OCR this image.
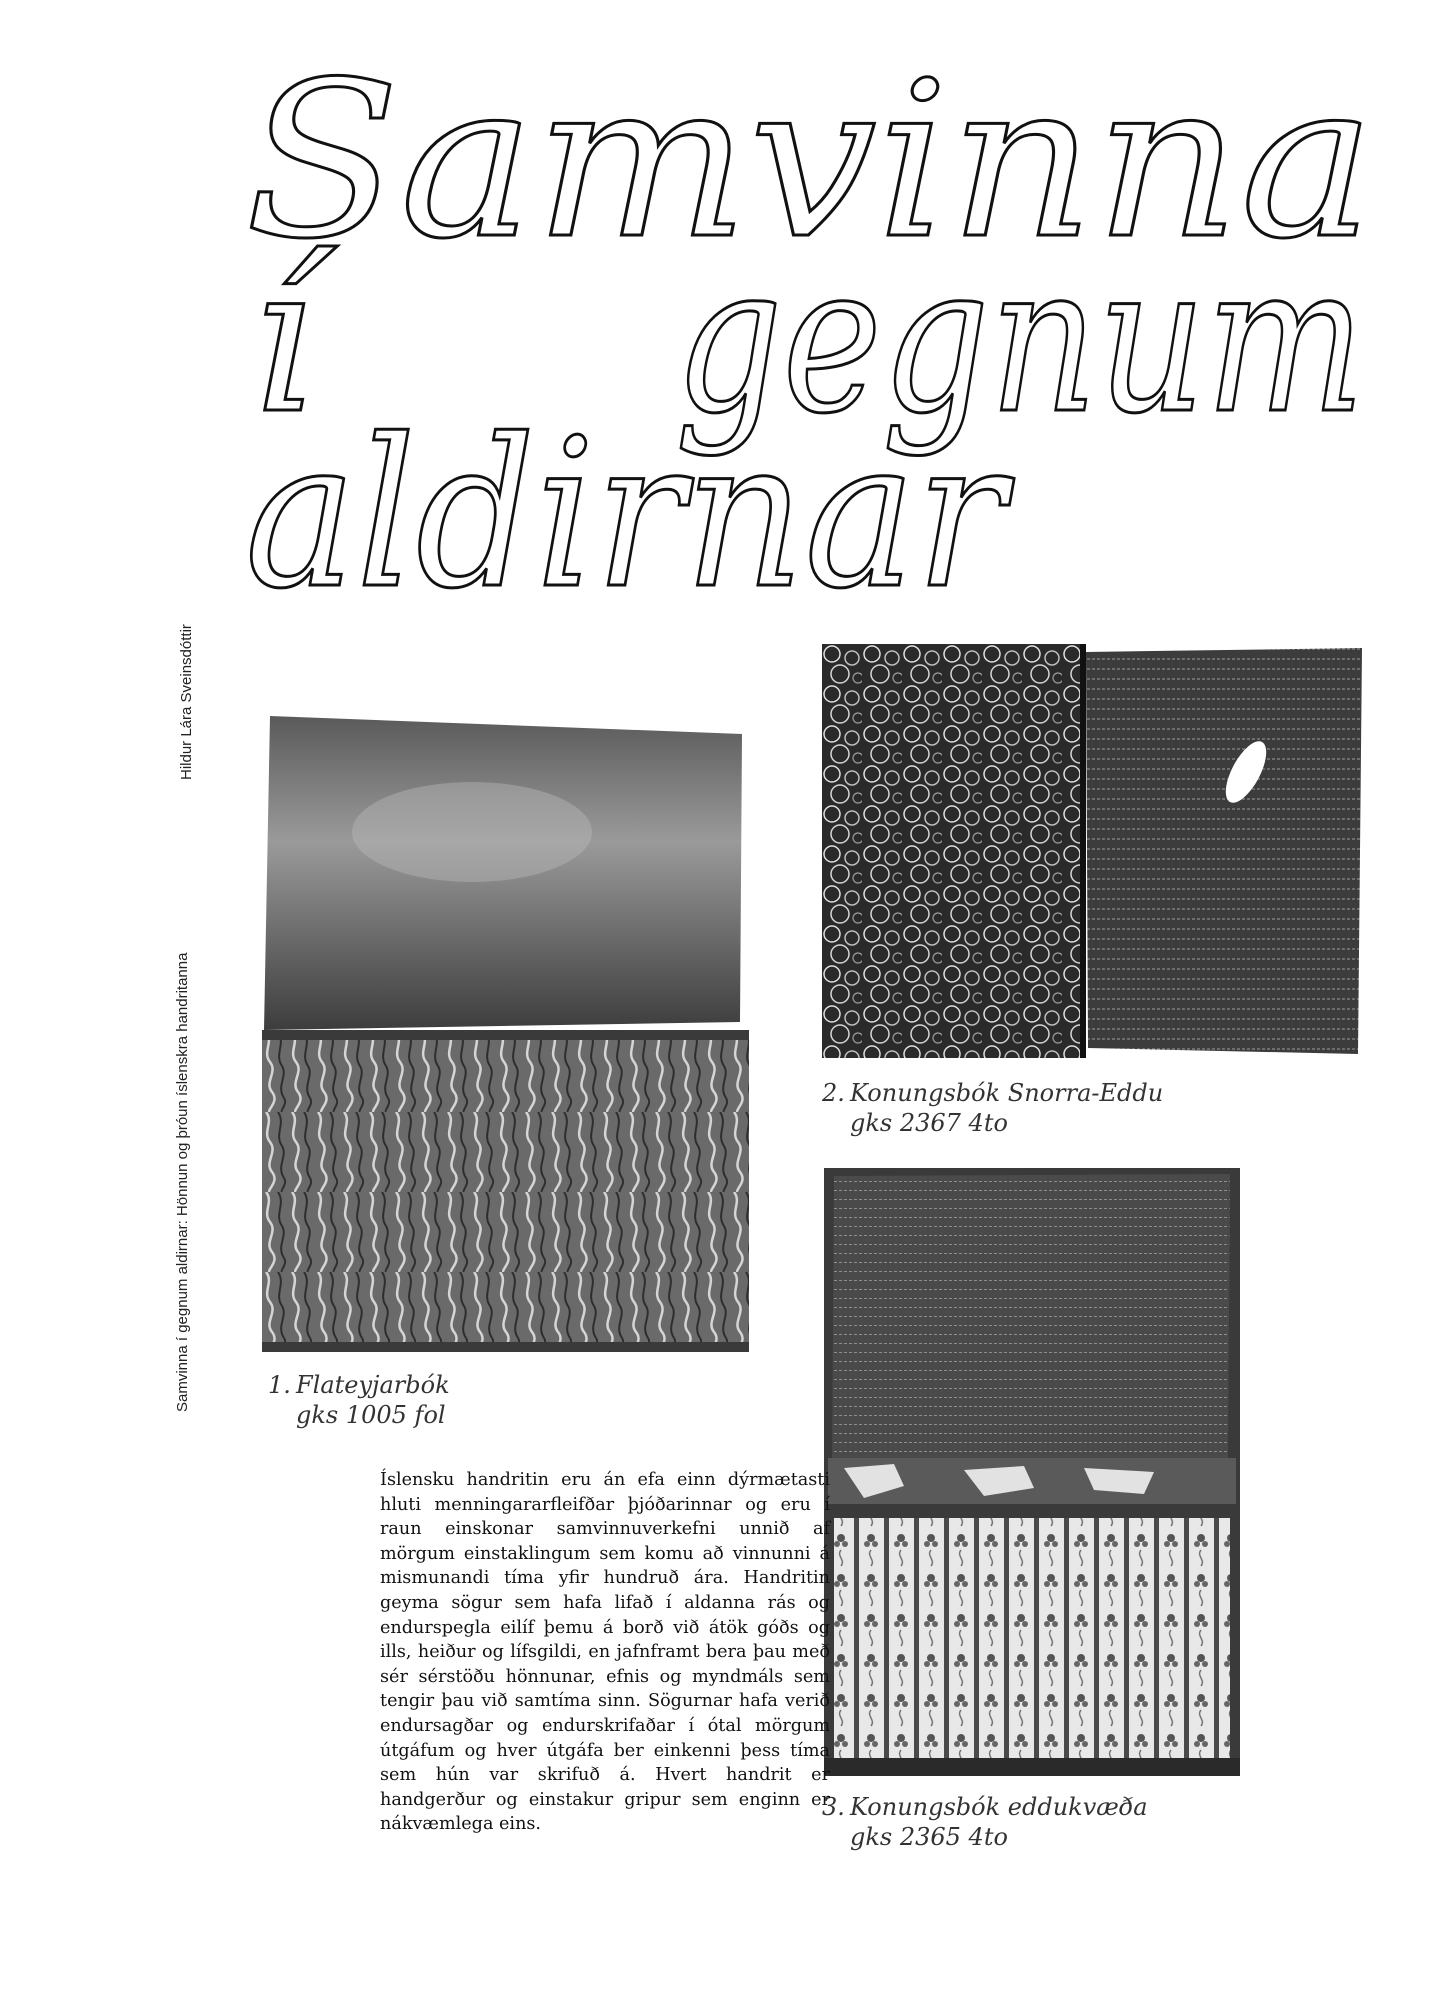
Samvinna
í gegnum
aldirnar
Hildur Lára Sveinsdóttir
Samvinna í gegnum aldirnar: Hönnun og þróun íslenskra handritanna	1. Flateyjarbók
gks 1005 fol
2. Konungsbók Snorra-Eddu
gks 2367 4to
3. Konungsbók eddukvæða
gks 2365 4to

Íslensku handritin eru án efa einn dýrmætasti hluti menningararfleifðar þjóðarinnar og eru í raun einskonar samvinnuverkefni unnið af mörgum einstaklingum sem komu að vinnunni á mismunandi tíma yfir hundruð ára. Handritin geyma sögur sem hafa lifað í aldanna rás og endurspegla eilíf þemu á borð við átök góðs og ills, heiður og lífsgildi, en jafnframt bera þau með sér sérstöðu hönnunar, efnis og myndmáls sem tengir þau við samtíma sinn. Sögurnar hafa verið endursagðar og endurskrifaðar í ótal mörgum útgáfum og hver útgáfa ber einkenni þess tíma sem hún var skrifuð á. Hvert handrit er handgerður og einstakur gripur sem enginn er nákvæmlega eins.
